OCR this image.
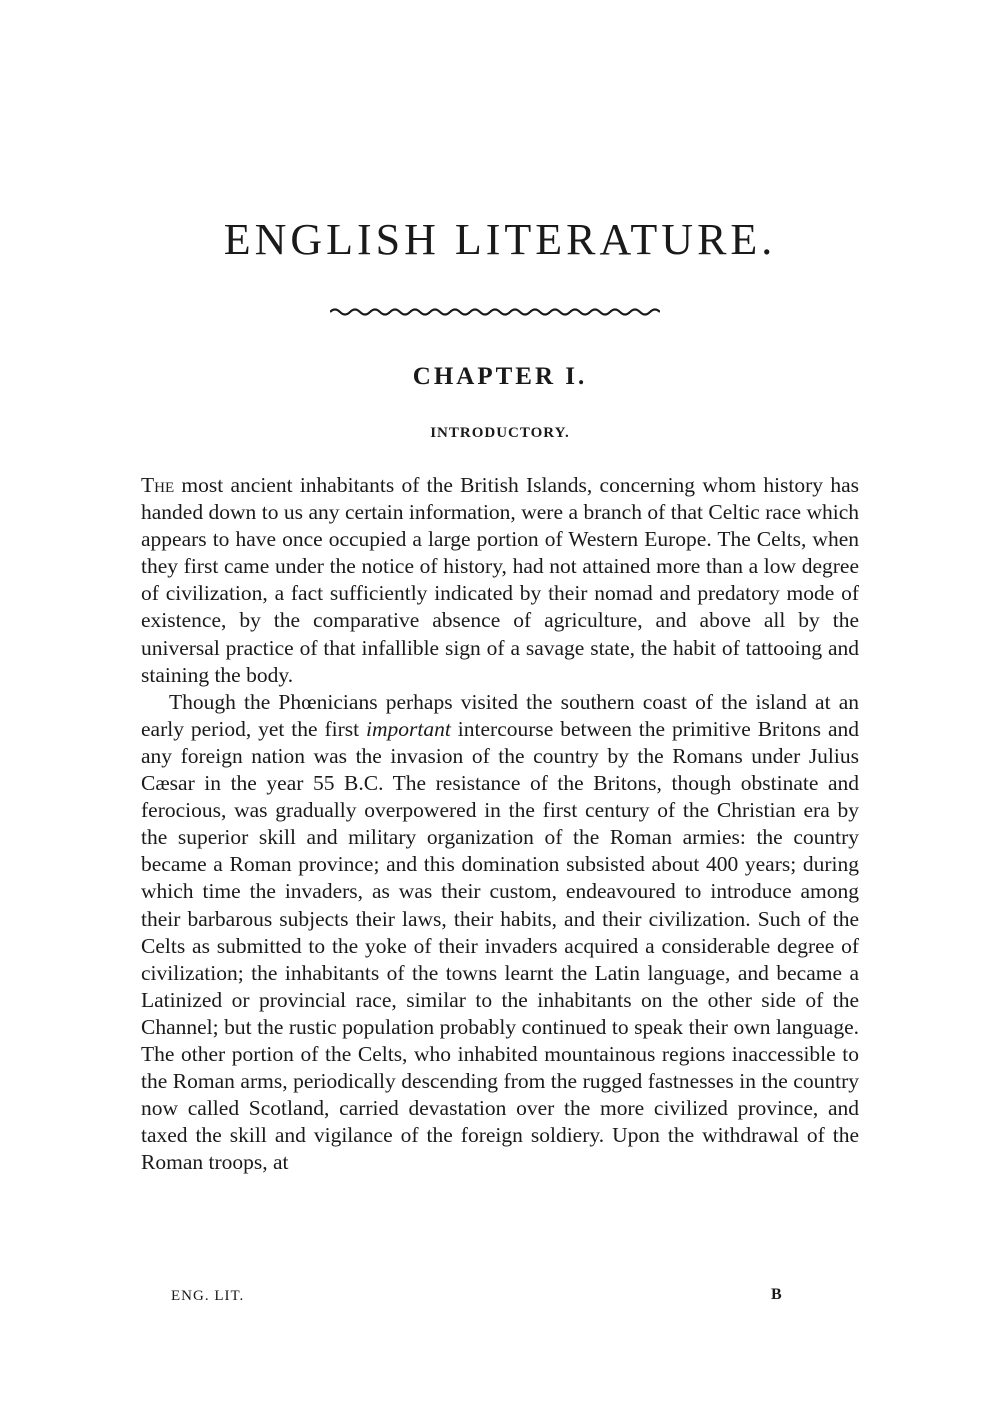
ENGLISH LITERATURE.
CHAPTER I.
INTRODUCTORY.

The most ancient inhabitants of the British Islands, concerning whom history has handed down to us any certain information, were a branch of that Celtic race which appears to have once occupied a large portion of Western Europe. The Celts, when they first came under the notice of history, had not attained more than a low degree of civilization, a fact sufficiently indicated by their nomad and predatory mode of existence, by the comparative absence of agriculture, and above all by the universal practice of that infallible sign of a savage state, the habit of tattooing and staining the body.

Though the Phœnicians perhaps visited the southern coast of the island at an early period, yet the first important intercourse between the primitive Britons and any foreign nation was the invasion of the country by the Romans under Julius Cæsar in the year 55 B.C. The resistance of the Britons, though obstinate and ferocious, was gradually overpowered in the first century of the Christian era by the superior skill and military organization of the Roman armies: the country became a Roman province; and this domination subsisted about 400 years; during which time the invaders, as was their custom, endeavoured to introduce among their barbarous subjects their laws, their habits, and their civilization. Such of the Celts as submitted to the yoke of their invaders acquired a considerable degree of civilization; the inhabitants of the towns learnt the Latin language, and became a Latinized or provincial race, similar to the inhabitants on the other side of the Channel; but the rustic population probably continued to speak their own language. The other portion of the Celts, who inhabited mountainous regions inaccessible to the Roman arms, periodically descending from the rugged fastnesses in the country now called Scotland, carried devastation over the more civilized province, and taxed the skill and vigilance of the foreign soldiery. Upon the withdrawal of the Roman troops, at

ENG. LIT.	B
